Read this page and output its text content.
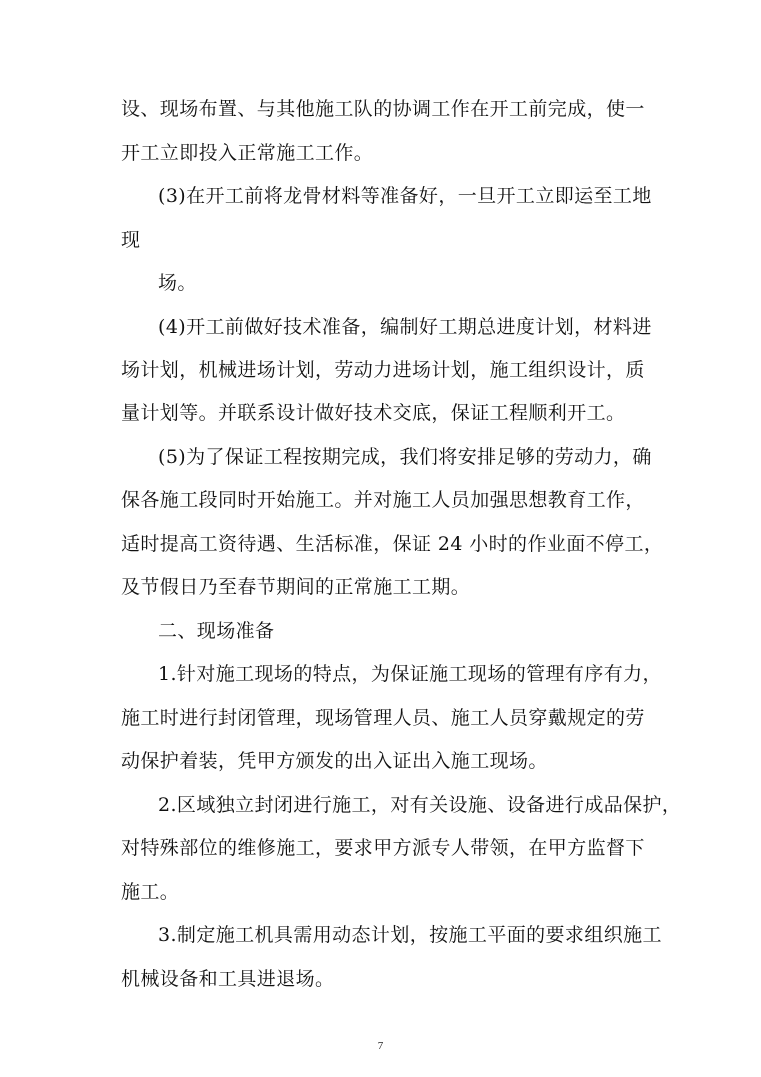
设、现场布置、与其他施工队的协调工作在开工前完成，使一
开工立即投入正常施工工作。
(3)在开工前将龙骨材料等准备好，一旦开工立即运至工地
现
场。
(4)开工前做好技术准备，编制好工期总进度计划，材料进
场计划，机械进场计划，劳动力进场计划，施工组织设计，质
量计划等。并联系设计做好技术交底，保证工程顺利开工。
(5)为了保证工程按期完成，我们将安排足够的劳动力，确
保各施工段同时开始施工。并对施工人员加强思想教育工作，
适时提高工资待遇、生活标准，保证 24 小时的作业面不停工，
及节假日乃至春节期间的正常施工工期。
二、现场准备
1.针对施工现场的特点，为保证施工现场的管理有序有力，
施工时进行封闭管理，现场管理人员、施工人员穿戴规定的劳
动保护着装，凭甲方颁发的出入证出入施工现场。
2.区域独立封闭进行施工，对有关设施、设备进行成品保护，
对特殊部位的维修施工，要求甲方派专人带领，在甲方监督下
施工。
3.制定施工机具需用动态计划，按施工平面的要求组织施工
机械设备和工具进退场。
7
